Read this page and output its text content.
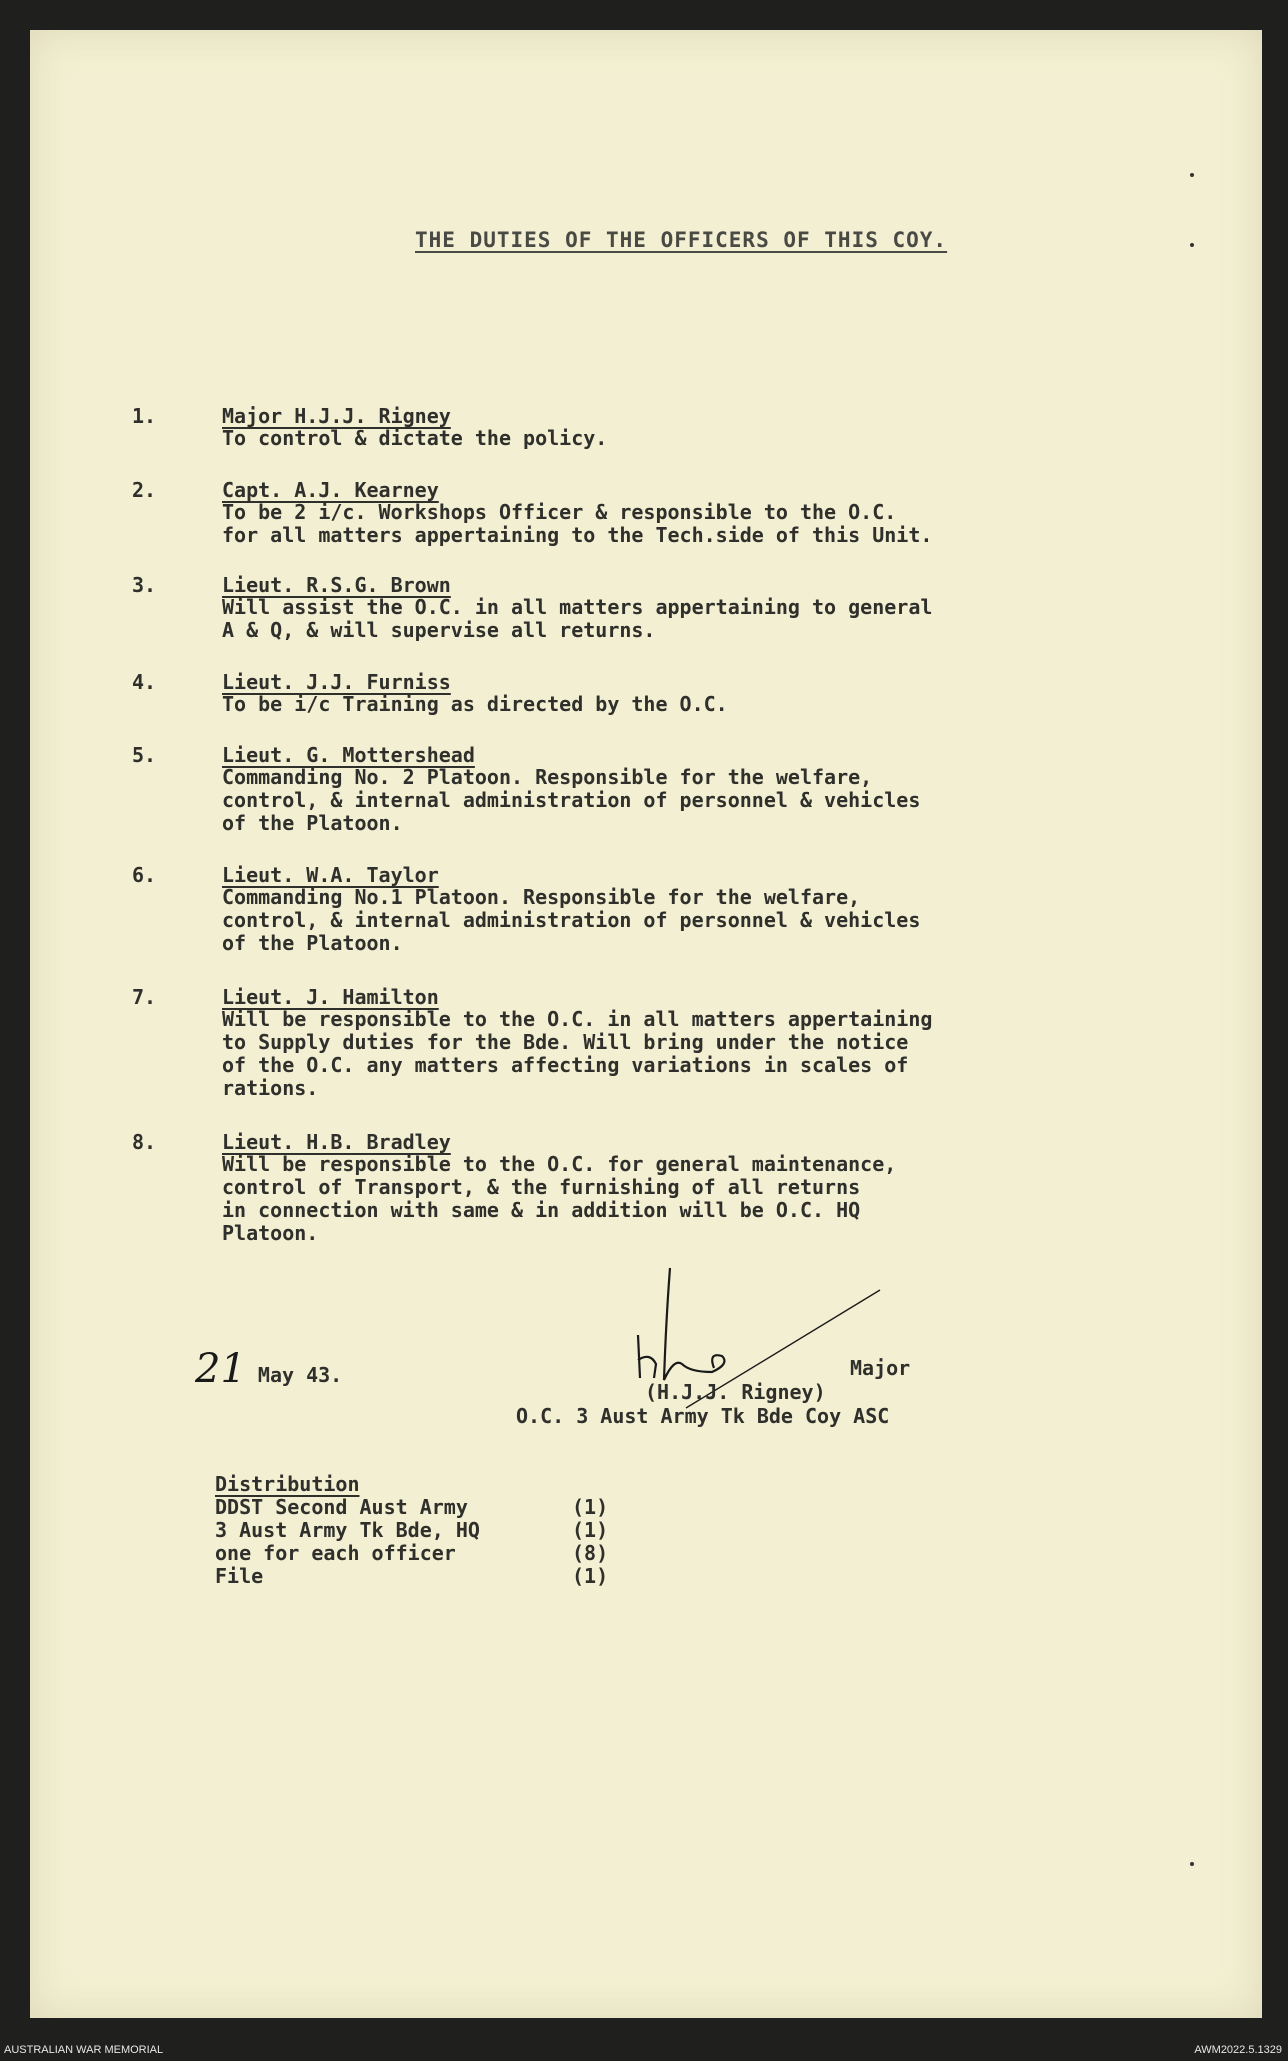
THE DUTIES OF THE OFFICERS OF THIS COY.
1.	Major H.J.J. Rigney
To control & dictate the policy.
2.	Capt. A.J. Kearney
To be 2 i/c. Workshops Officer & responsible to the O.C.
for all matters appertaining to the Tech.side of this Unit.
3.	Lieut. R.S.G. Brown
Will assist the O.C. in all matters appertaining to general
A & Q, & will supervise all returns.
4.	Lieut. J.J. Furniss
To be i/c Training as directed by the O.C.
5.	Lieut. G. Mottershead
Commanding No. 2 Platoon. Responsible for the welfare,
control, & internal administration of personnel & vehicles
of the Platoon.
6.	Lieut. W.A. Taylor
Commanding No.1 Platoon. Responsible for the welfare,
control, & internal administration of personnel & vehicles
of the Platoon.
7.	Lieut. J. Hamilton
Will be responsible to the O.C. in all matters appertaining
to Supply duties for the Bde. Will bring under the notice
of the O.C. any matters affecting variations in scales of
rations.
8.	Lieut. H.B. Bradley
Will be responsible to the O.C. for general maintenance,
control of Transport, & the furnishing of all returns
in connection with same & in addition will be O.C. HQ
Platoon.
21 May 43.	Major
(H.J.J. Rigney)
O.C. 3 Aust Army Tk Bde Coy ASC
Distribution
DDST Second Aust Army	(1)
3 Aust Army Tk Bde, HQ	(1)
one for each officer	(8)
File	(1)
AUSTRALIAN WAR MEMORIAL	AWM2022.5.1329
